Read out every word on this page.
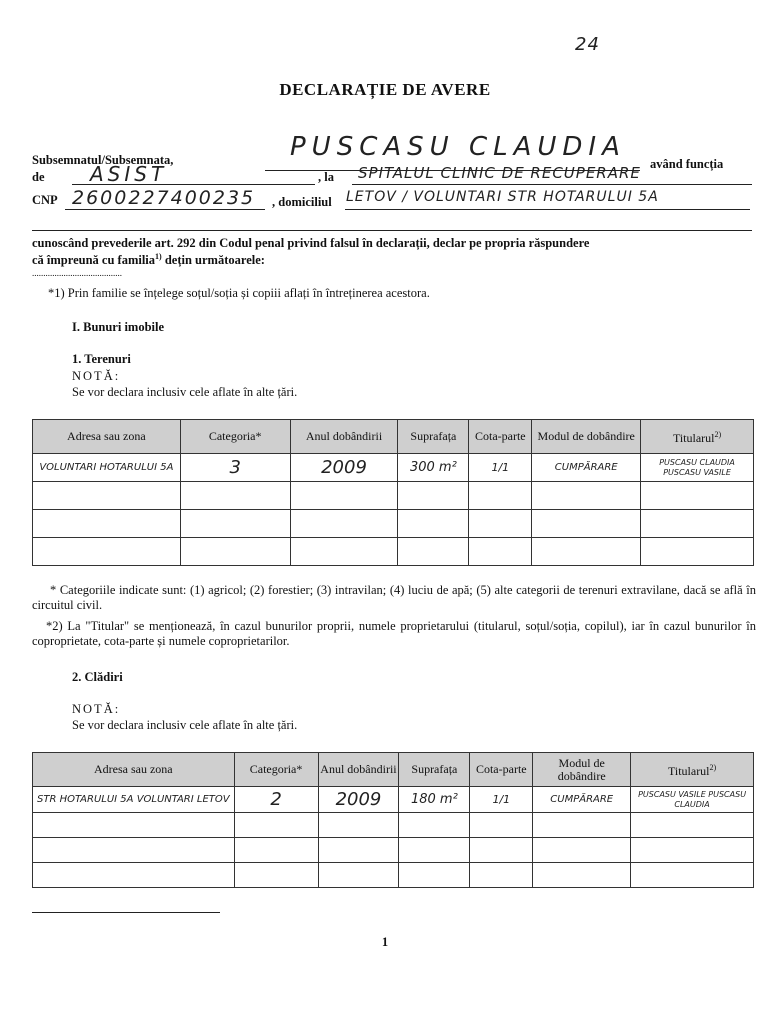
24
DECLARAȚIE DE AVERE
Subsemnatul/Subsemnata,	PUSCASU CLAUDIA
având funcția
de ASIST	, la SPITALUL CLINIC DE RECUPERARE
CNP 2600227400235 , domiciliul LETOV / VOLUNTARI STR HOTARULUI 5A
cunoscând prevederile art. 292 din Codul penal privind falsul în declarații, declar pe propria răspundere
că împreună cu familia$^{1)}$ dețin următoarele:
........................................
*1) Prin familie se înțelege soțul/soția și copiii aflați în întreținerea acestora.
I. Bunuri imobile
1. Terenuri
NOTĂ:
Se vor declara inclusiv cele aflate în alte țări.
Adresa sau zona	Categoria*	Anul dobândirii	Suprafața	Cota-parte	Modul de dobândire	Titularul$^{2)}$
VOLUNTARI HOTARULUI 5A	3	2009	300 m²	1/1	CUMPĂRARE	PUSCASU CLAUDIA PUSCASU VASILE

* Categoriile indicate sunt: (1) agricol; (2) forestier; (3) intravilan; (4) luciu de apă; (5) alte categorii de terenuri extravilane, dacă se află în circuitul civil.
*2) La "Titular" se menționează, în cazul bunurilor proprii, numele proprietarului (titularul, soțul/soția, copilul), iar în cazul bunurilor în coproprietate, cota-parte și numele coproprietarilor.
2. Clădiri
NOTĂ:
Se vor declara inclusiv cele aflate în alte țări.
Adresa sau zona	Categoria*	Anul dobândirii	Suprafața	Cota-parte	Modul de dobândire	Titularul$^{2)}$
STR HOTARULUI 5A VOLUNTARI LETOV	2	2009	180 m²	1/1	CUMPĂRARE	PUSCASU VASILE PUSCASU CLAUDIA

1
